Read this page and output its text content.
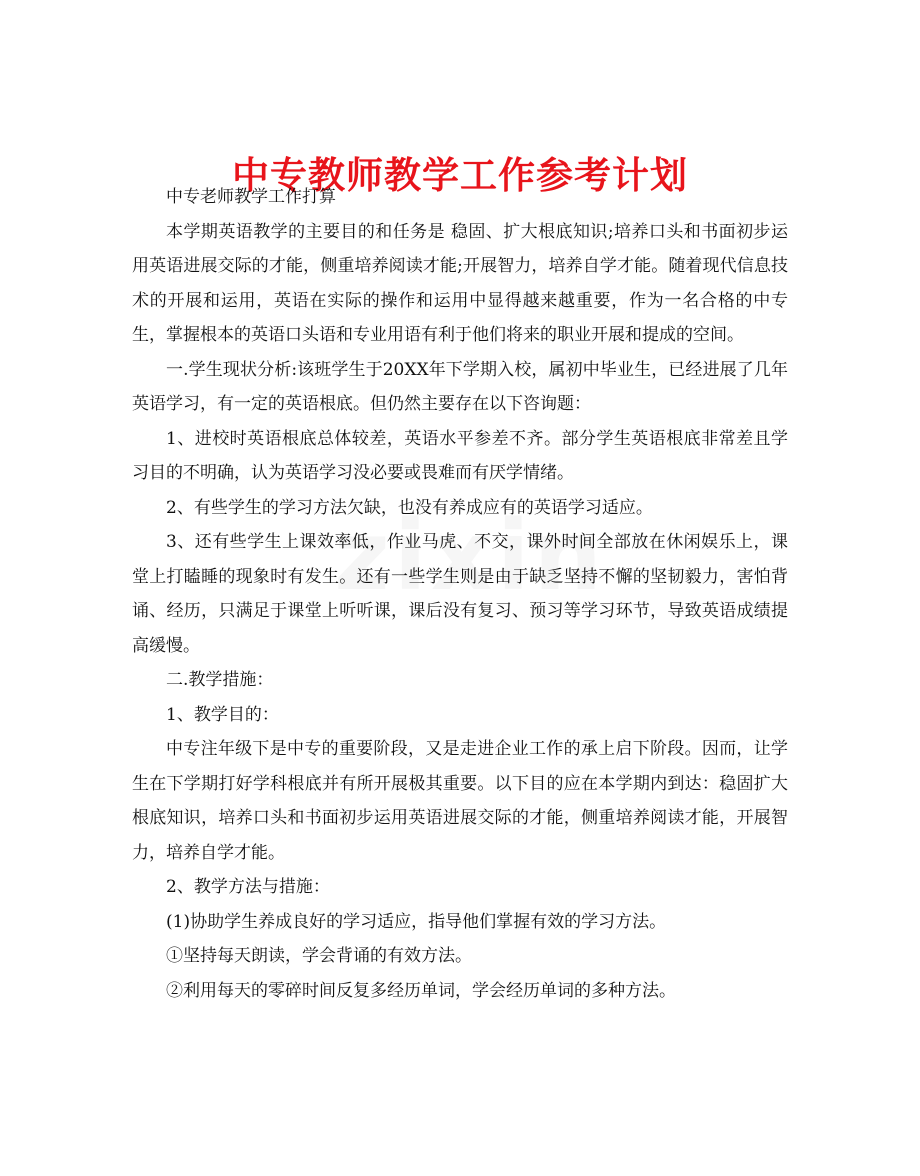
中专教师教学工作参考计划

中专老师教学工作打算

本学期英语教学的主要目的和任务是 稳固、扩大根底知识;培养口头和书面初步运用英语进展交际的才能，侧重培养阅读才能;开展智力，培养自学才能。随着现代信息技术的开展和运用，英语在实际的操作和运用中显得越来越重要，作为一名合格的中专生，掌握根本的英语口头语和专业用语有利于他们将来的职业开展和提成的空间。

一.学生现状分析:该班学生于20XX年下学期入校，属初中毕业生，已经进展了几年英语学习，有一定的英语根底。但仍然主要存在以下咨询题：

1、进校时英语根底总体较差，英语水平参差不齐。部分学生英语根底非常差且学习目的不明确，认为英语学习没必要或畏难而有厌学情绪。

2、有些学生的学习方法欠缺，也没有养成应有的英语学习适应。

3、还有些学生上课效率低，作业马虎、不交，课外时间全部放在休闲娱乐上，课堂上打瞌睡的现象时有发生。还有一些学生则是由于缺乏坚持不懈的坚韧毅力，害怕背诵、经历，只满足于课堂上听听课，课后没有复习、预习等学习环节，导致英语成绩提高缓慢。

二.教学措施：

1、教学目的：

中专注年级下是中专的重要阶段，又是走进企业工作的承上启下阶段。因而，让学生在下学期打好学科根底并有所开展极其重要。以下目的应在本学期内到达：稳固扩大根底知识，培养口头和书面初步运用英语进展交际的才能，侧重培养阅读才能，开展智力，培养自学才能。

2、教学方法与措施：

(1)协助学生养成良好的学习适应，指导他们掌握有效的学习方法。

①坚持每天朗读，学会背诵的有效方法。

②利用每天的零碎时间反复多经历单词，学会经历单词的多种方法。
